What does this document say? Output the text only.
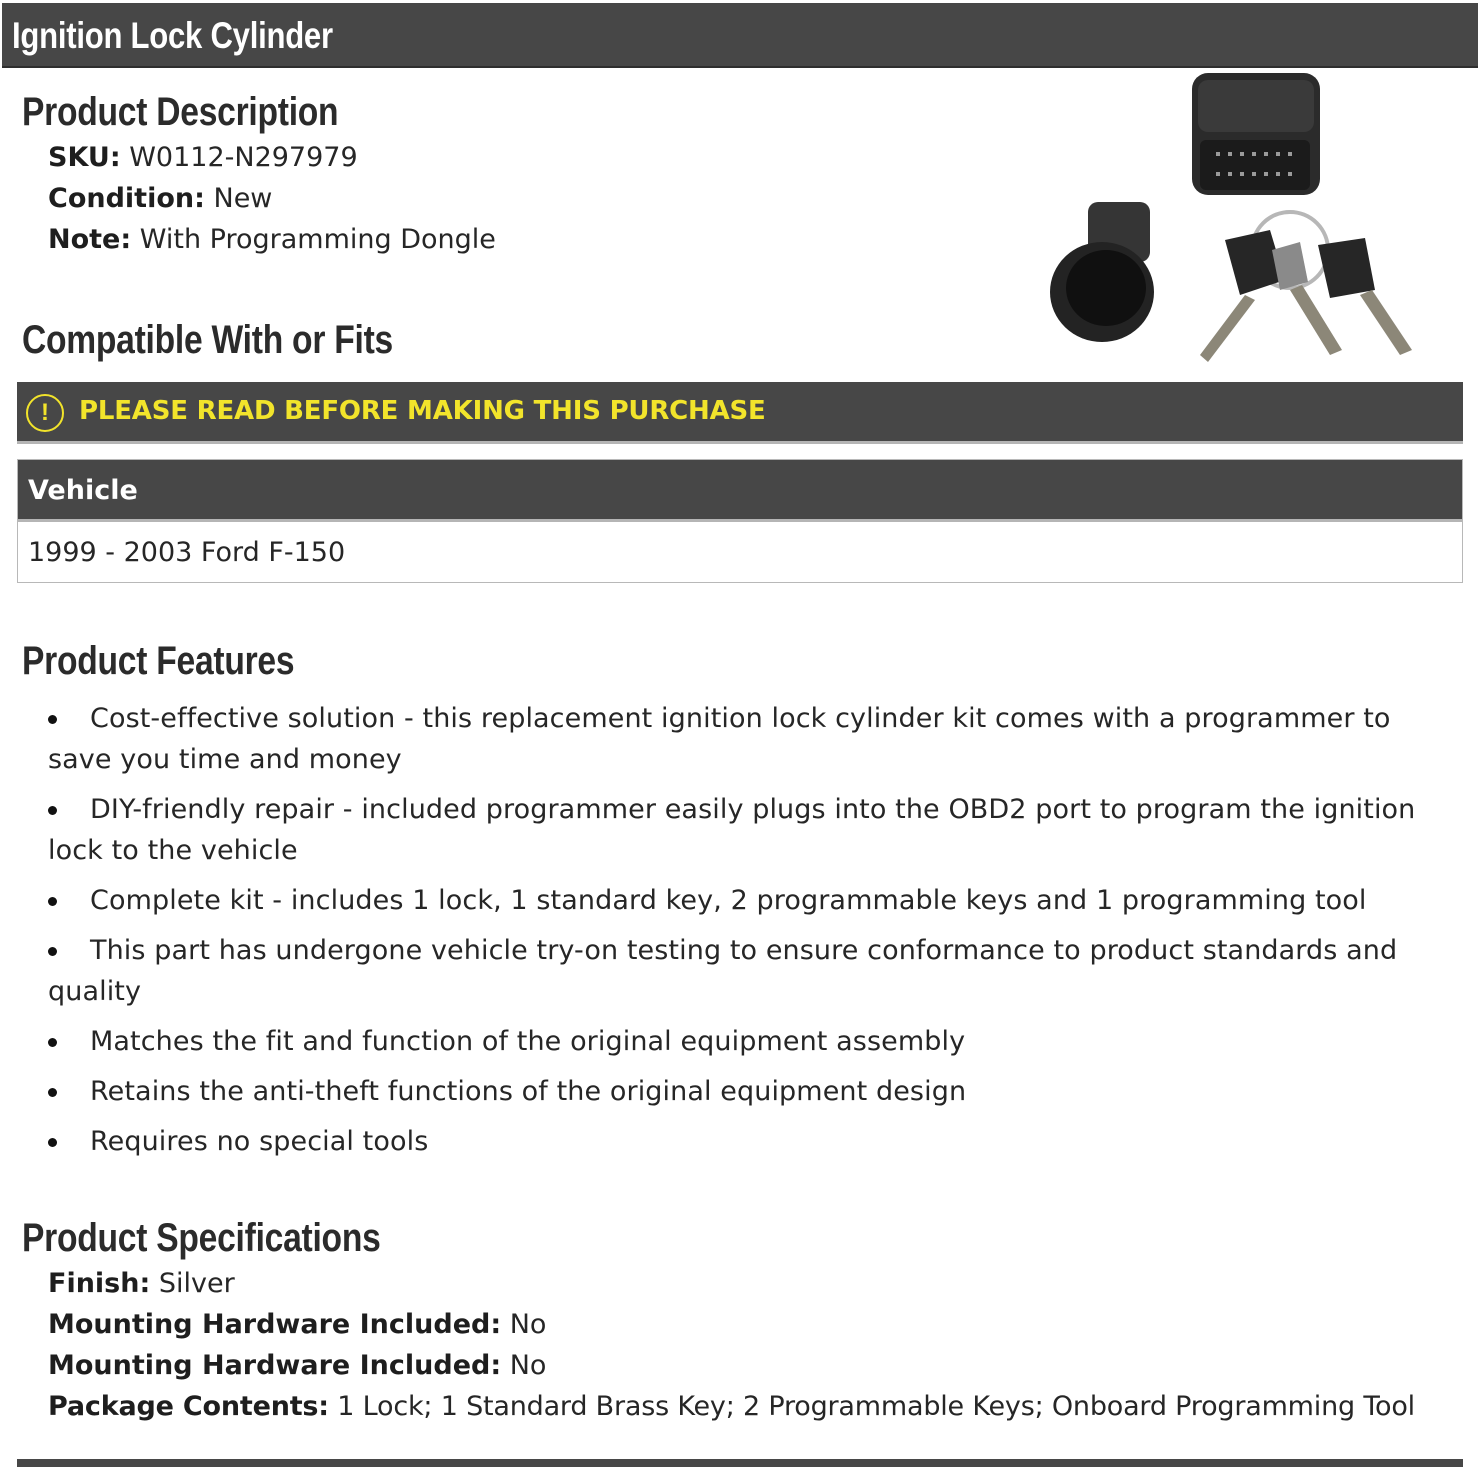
Ignition Lock Cylinder
Product Description
SKU: W0112-N297979
Condition: New
Note: With Programming Dongle
Compatible With or Fits
!	PLEASE READ BEFORE MAKING THIS PURCHASE
Vehicle
1999 - 2003 Ford F-150
Product Features
Cost-effective solution - this replacement ignition lock cylinder kit comes with a programmer to save you time and money
DIY-friendly repair - included programmer easily plugs into the OBD2 port to program the ignition lock to the vehicle
Complete kit - includes 1 lock, 1 standard key, 2 programmable keys and 1 programming tool
This part has undergone vehicle try-on testing to ensure conformance to product standards and quality
Matches the fit and function of the original equipment assembly
Retains the anti-theft functions of the original equipment design
Requires no special tools
Product Specifications
Finish: Silver
Mounting Hardware Included: No
Mounting Hardware Included: No
Package Contents: 1 Lock; 1 Standard Brass Key; 2 Programmable Keys; Onboard Programming Tool
